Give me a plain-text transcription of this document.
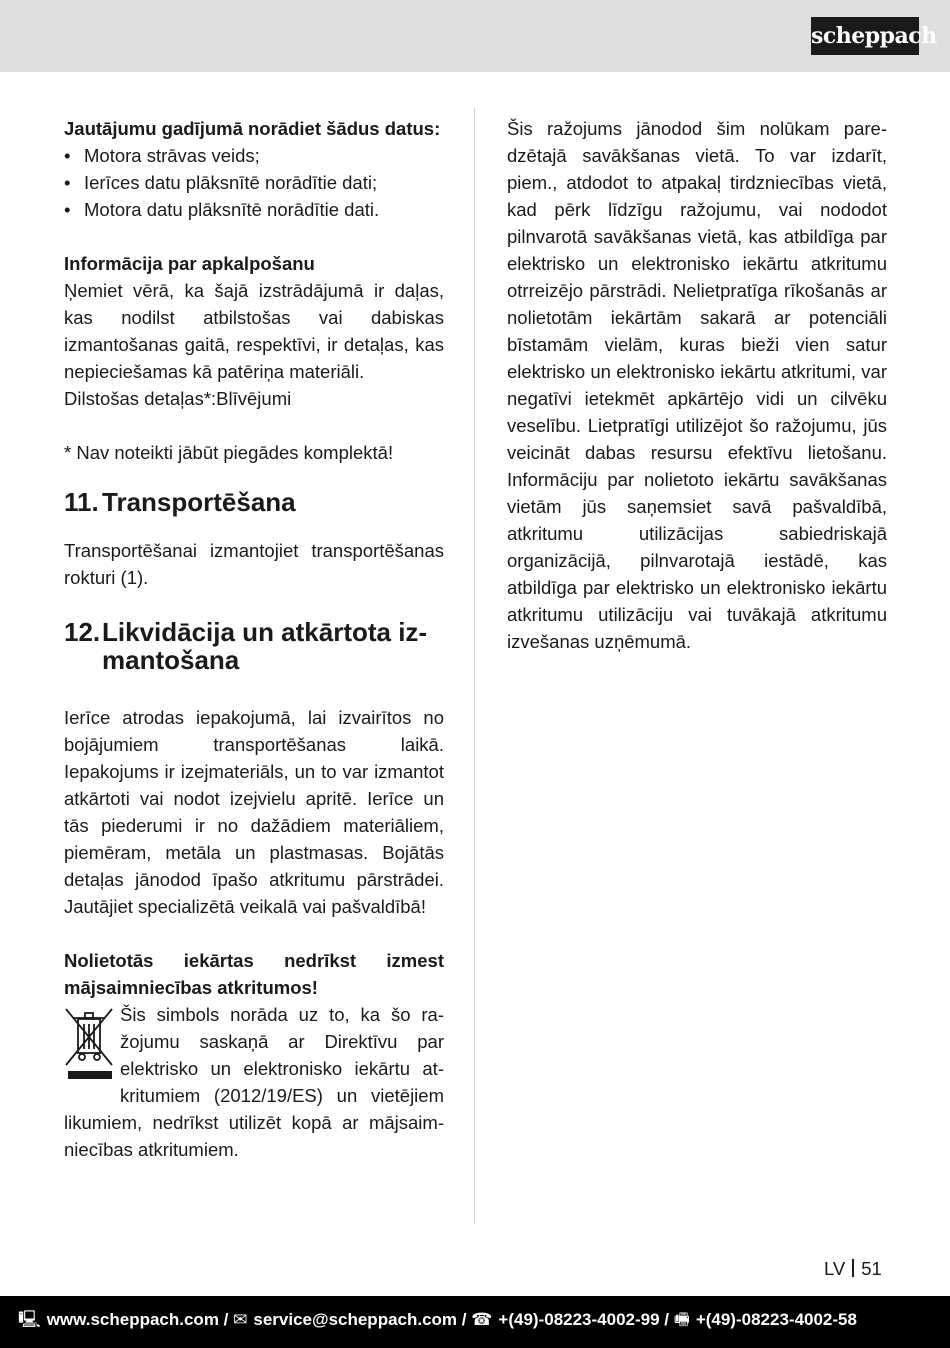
scheppach

Jautājumu gadījumā norādiet šādus datus:

• Motora strāvas veids;
• Ierīces datu plāksnītē norādītie dati;
• Motora datu plāksnītē norādītie dati.

Informācija par apkalpošanu

Ņemiet vērā, ka šajā izstrādājumā ir daļas, kas nodilst atbilstošas vai dabiskas izmantošanas gaitā, respektīvi, ir detaļas, kas nepieciešamas kā patēriņa materiāli.

Dilstošas detaļas*:Blīvējumi

* Nav noteikti jābūt piegādes komplektā!

11. Transportēšana

Transportēšanai izmantojiet transportēšanas rokturi (1).

12. Likvidācija un atkārtota izmantošana

Ierīce atrodas iepakojumā, lai izvairītos no bojājumiem transportēšanas laikā. Iepakojums ir izejmateriāls, un to var izmantot atkārtoti vai nodot izejvielu apritē. Ierīce un tās piederumi ir no dažādiem materiāliem, piemēram, metāla un plastmasas. Bojātās detaļas jānodod īpašo atkritumu pārstrādei. Jautājiet specializētā veikalā vai pašvaldībā!

Nolietotās iekārtas nedrīkst izmest mājsaimniecības atkritumos!

Šis simbols norāda uz to, ka šo ražojumu saskaņā ar Direktīvu par elektrisko un elektronisko iekārtu atkritumiem (2012/19/ES) un vietējiem likumiem, nedrīkst utilizēt kopā ar mājsaimniecības atkritumiem.

Šis ražojums jānodod šim nolūkam paredzētajā savākšanas vietā. To var izdarīt, piem., atdodot to atpakaļ tirdzniecības vietā, kad pērk līdzīgu ražojumu, vai nododot pilnvarotā savākšanas vietā, kas atbildīga par elektrisko un elektronisko iekārtu atkritumu otrreizējo pārstrādi. Nelietpratīga rīkošanās ar nolietotām iekārtām sakarā ar potenciāli bīstamām vielām, kuras bieži vien satur elektrisko un elektronisko iekārtu atkritumi, var negatīvi ietekmēt apkārtējo vidi un cilvēku veselību. Lietpratīgi utilizējot šo ražojumu, jūs veicināt dabas resursu efektīvu lietošanu. Informāciju par nolietoto iekārtu savākšanas vietām jūs saņemsiet savā pašvaldībā, atkritumu utilizācijas sabiedriskajā organizācijā, pilnvarotajā iestādē, kas atbildīga par elektrisko un elektronisko iekārtu atkritumu utilizāciju vai tuvākajā atkritumu izvešanas uzņēmumā.

LV 51
🖳 www.scheppach.com / ✉ service@scheppach.com / ☎ +(49)-08223-4002-99 / 🖷 +(49)-08223-4002-58
